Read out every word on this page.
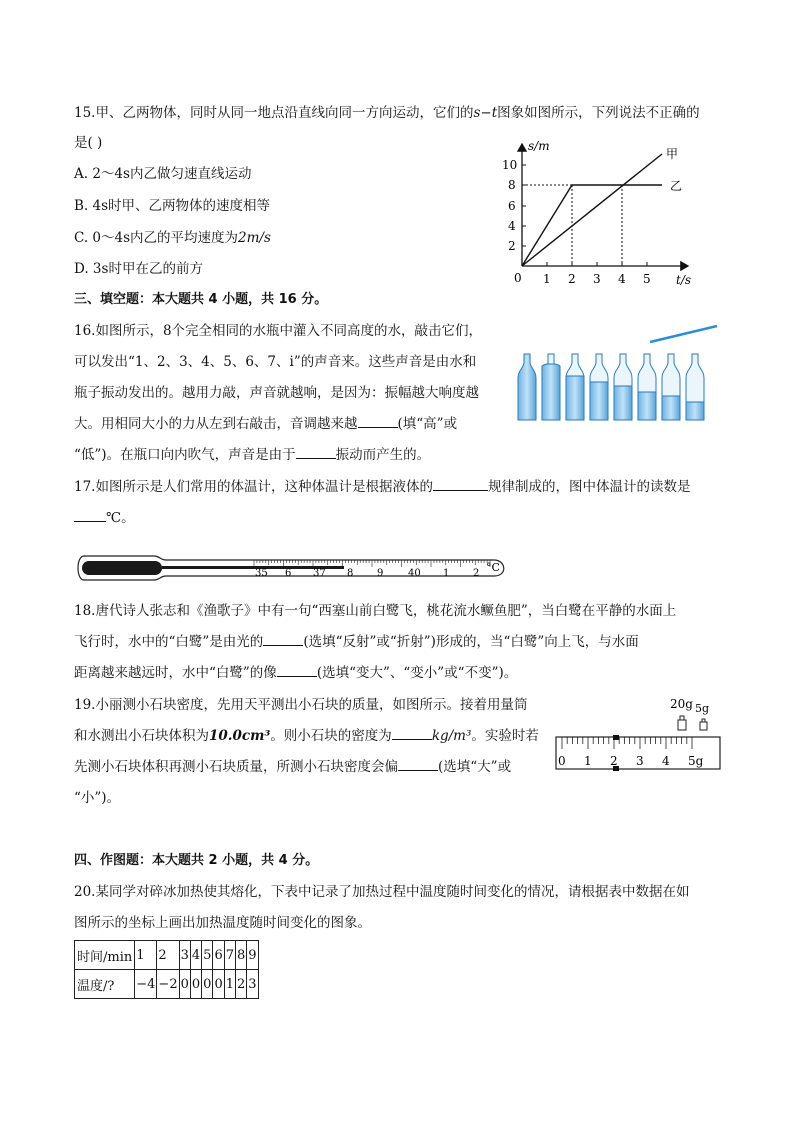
15.甲、乙两物体，同时从同一地点沿直线向同一方向运动，它们的s−t图象如图所示，下列说法不正确的
是( )
A. 2～4s内乙做匀速直线运动
B. 4s时甲、乙两物体的速度相等
C. 0～4s内乙的平均速度为2m/s
D. 3s时甲在乙的前方
s/m
t/s
0
10
8
6
4
2
1 2 3 4 5
甲
乙
三、填空题：本大题共 4 小题，共 16 分。
16.如图所示，8个完全相同的水瓶中灌入不同高度的水，敲击它们，
可以发出“1、2、3、4、5、6、7、i”的声音来。这些声音是由水和
瓶子振动发出的。越用力敲，声音就越响，是因为：振幅越大响度越
大。用相同大小的力从左到右敲击，音调越来越	(填“高”或
“低”)。在瓶口向内吹气，声音是由于	振动而产生的。
17.如图所示是人们常用的体温计，这种体温计是根据液体的	规律制成的，图中体温计的读数是
℃。
35 6 37 8 9 40 1 2 °C
18.唐代诗人张志和《渔歌子》中有一句“西塞山前白鹭飞，桃花流水鳜鱼肥”，当白鹭在平静的水面上
飞行时，水中的“白鹭”是由光的	(选填“反射”或“折射”)形成的，当“白鹭”向上飞，与水面
距离越来越远时，水中“白鹭”的像	(选填“变大”、“变小”或“不变”)。
19.小丽测小石块密度，先用天平测出小石块的质量，如图所示。接着用量筒
和水测出小石块体积为10.0cm³。则小石块的密度为	kg/m³。实验时若
先测小石块体积再测小石块质量，所测小石块密度会偏	(选填“大”或
“小”)。
20g 5g
0 1 2 3 4 5g
四、作图题：本大题共 2 小题，共 4 分。
20.某同学对碎冰加热使其熔化，下表中记录了加热过程中温度随时间变化的情况，请根据表中数据在如
图所示的坐标上画出加热温度随时间变化的图象。
时间/min	1	2	3	4	5	6	7	8	9
温度/?	−4	−2	0	0	0	0	1	2	3
